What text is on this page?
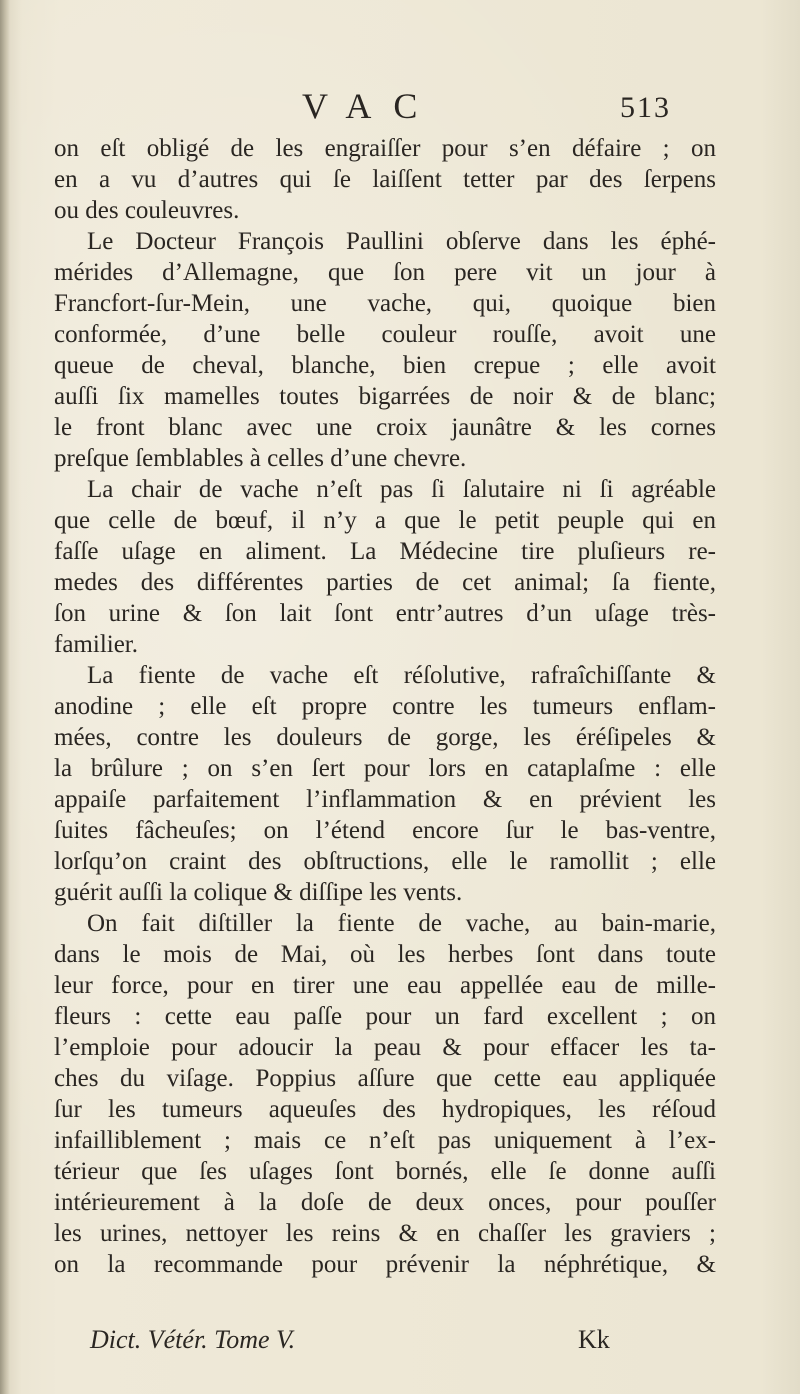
VAC	513
on eſt obligé de les engraiſſer pour s’en défaire ; on
en a vu d’autres qui ſe laiſſent tetter par des ſerpens
ou des couleuvres.
Le Docteur François Paullini obſerve dans les éphé-
mérides d’Allemagne, que ſon pere vit un jour à
Francfort-ſur-Mein, une vache, qui, quoique bien
conformée, d’une belle couleur rouſſe, avoit une
queue de cheval, blanche, bien crepue ; elle avoit
auſſi ſix mamelles toutes bigarrées de noir & de blanc;
le front blanc avec une croix jaunâtre & les cornes
preſque ſemblables à celles d’une chevre.
La chair de vache n’eſt pas ſi ſalutaire ni ſi agréable
que celle de bœuf, il n’y a que le petit peuple qui en
faſſe uſage en aliment. La Médecine tire pluſieurs re-
medes des différentes parties de cet animal; ſa fiente,
ſon urine & ſon lait ſont entr’autres d’un uſage très-
familier.
La fiente de vache eſt réſolutive, rafraîchiſſante &
anodine ; elle eſt propre contre les tumeurs enflam-
mées, contre les douleurs de gorge, les éréſipeles &
la brûlure ; on s’en ſert pour lors en cataplaſme : elle
appaiſe parfaitement l’inflammation & en prévient les
ſuites fâcheuſes; on l’étend encore ſur le bas-ventre,
lorſqu’on craint des obſtructions, elle le ramollit ; elle
guérit auſſi la colique & diſſipe les vents.
On fait diſtiller la fiente de vache, au bain-marie,
dans le mois de Mai, où les herbes ſont dans toute
leur force, pour en tirer une eau appellée eau de mille-
fleurs : cette eau paſſe pour un fard excellent ; on
l’emploie pour adoucir la peau & pour effacer les ta-
ches du viſage. Poppius aſſure que cette eau appliquée
ſur les tumeurs aqueuſes des hydropiques, les réſoud
infailliblement ; mais ce n’eſt pas uniquement à l’ex-
térieur que ſes uſages ſont bornés, elle ſe donne auſſi
intérieurement à la doſe de deux onces, pour pouſſer
les urines, nettoyer les reins & en chaſſer les graviers ;
on la recommande pour prévenir la néphrétique, &
Dict. Vétér. Tome V.	Kk
